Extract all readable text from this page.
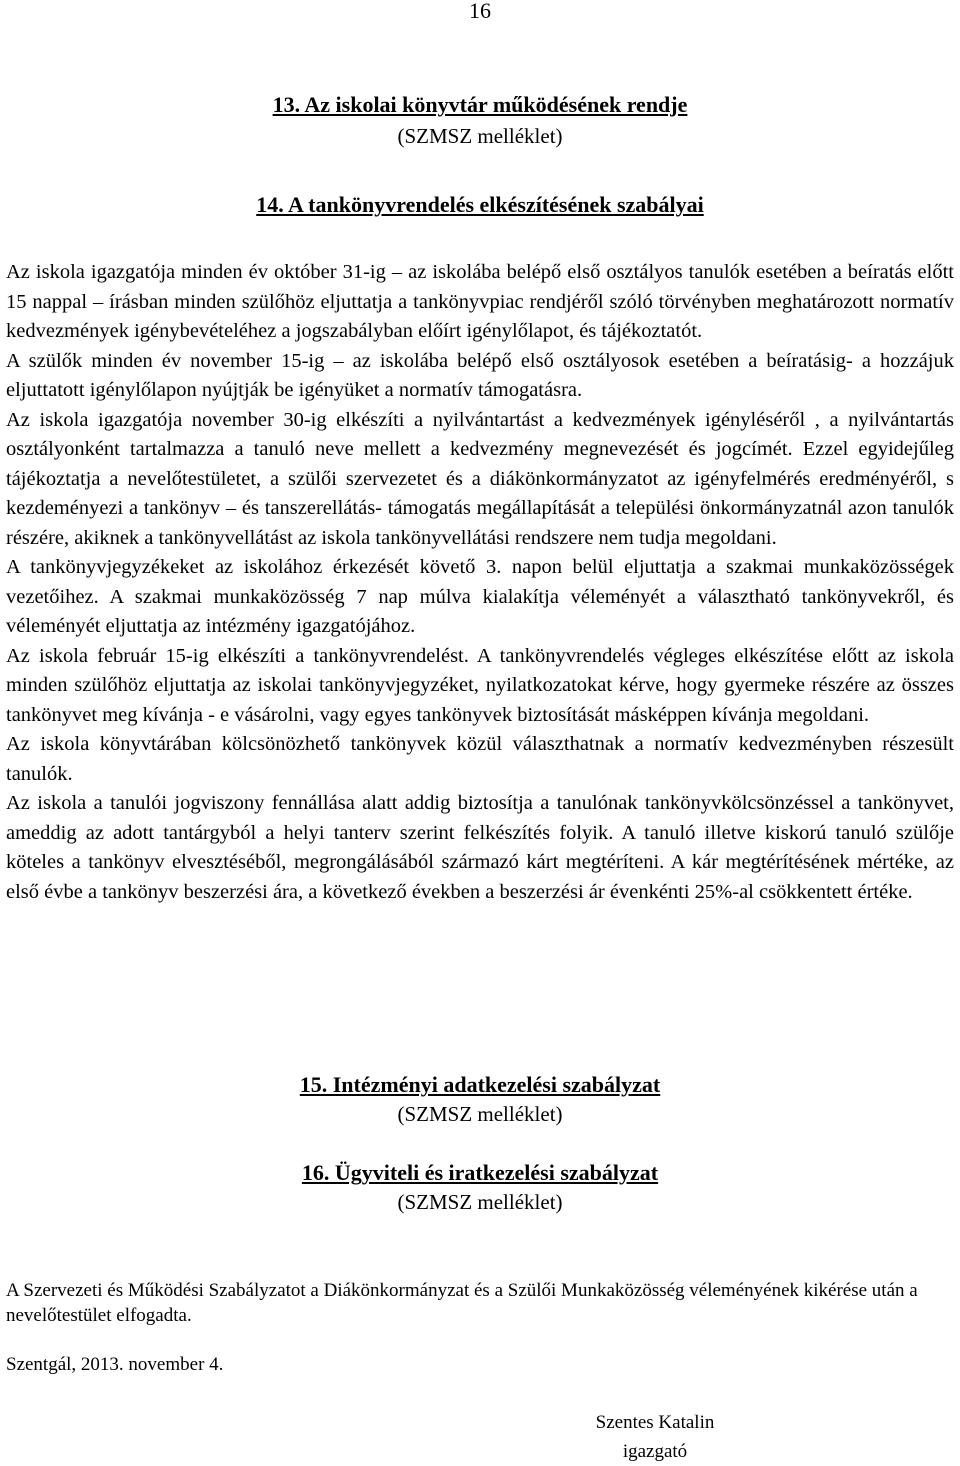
16
13. Az iskolai könyvtár működésének rendje
(SZMSZ melléklet)
14. A tankönyvrendelés elkészítésének szabályai

Az iskola igazgatója minden év október 31-ig – az iskolába belépő első osztályos tanulók esetében a beíratás előtt 15 nappal – írásban minden szülőhöz eljuttatja a tankönyvpiac rendjéről szóló törvényben meghatározott normatív kedvezmények igénybevételéhez a jogszabályban előírt igénylőlapot, és tájékoztatót.

A szülők minden év november 15-ig – az iskolába belépő első osztályosok esetében a beíratásig- a hozzájuk eljuttatott igénylőlapon nyújtják be igényüket a normatív támogatásra.

Az iskola igazgatója november 30-ig elkészíti a nyilvántartást a kedvezmények igényléséről , a nyilvántartás osztályonként tartalmazza a tanuló neve mellett a kedvezmény megnevezését és jogcímét. Ezzel egyidejűleg tájékoztatja a nevelőtestületet, a szülői szervezetet és a diákönkormányzatot az igényfelmérés eredményéről, s kezdeményezi a tankönyv – és tanszerellátás- támogatás megállapítását a települési önkormányzatnál azon tanulók részére, akiknek a tankönyvellátást az iskola tankönyvellátási rendszere nem tudja megoldani.

A tankönyvjegyzékeket az iskolához érkezését követő 3. napon belül eljuttatja a szakmai munkaközösségek vezetőihez. A szakmai munkaközösség 7 nap múlva kialakítja véleményét a választható tankönyvekről, és véleményét eljuttatja az intézmény igazgatójához.

Az iskola február 15-ig elkészíti a tankönyvrendelést. A tankönyvrendelés végleges elkészítése előtt az iskola minden szülőhöz eljuttatja az iskolai tankönyvjegyzéket, nyilatkozatokat kérve, hogy gyermeke részére az összes tankönyvet meg kívánja - e vásárolni, vagy egyes tankönyvek biztosítását másképpen kívánja megoldani.

Az iskola könyvtárában kölcsönözhető tankönyvek közül választhatnak a normatív kedvezményben részesült tanulók.

Az iskola a tanulói jogviszony fennállása alatt addig biztosítja a tanulónak tankönyvkölcsönzéssel a tankönyvet, ameddig az adott tantárgyból a helyi tanterv szerint felkészítés folyik. A tanuló illetve kiskorú tanuló szülője köteles a tankönyv elvesztéséből, megrongálásából származó kárt megtéríteni. A kár megtérítésének mértéke, az első évbe a tankönyv beszerzési ára, a következő években a beszerzési ár évenkénti 25%-al csökkentett értéke.

15. Intézményi adatkezelési szabályzat
(SZMSZ melléklet)
16. Ügyviteli és iratkezelési szabályzat
(SZMSZ melléklet)

A Szervezeti és Működési Szabályzatot a Diákönkormányzat és a Szülői Munkaközösség véleményének kikérése után a nevelőtestület elfogadta.

Szentgál, 2013. november 4.
Szentes Katalin
igazgató
